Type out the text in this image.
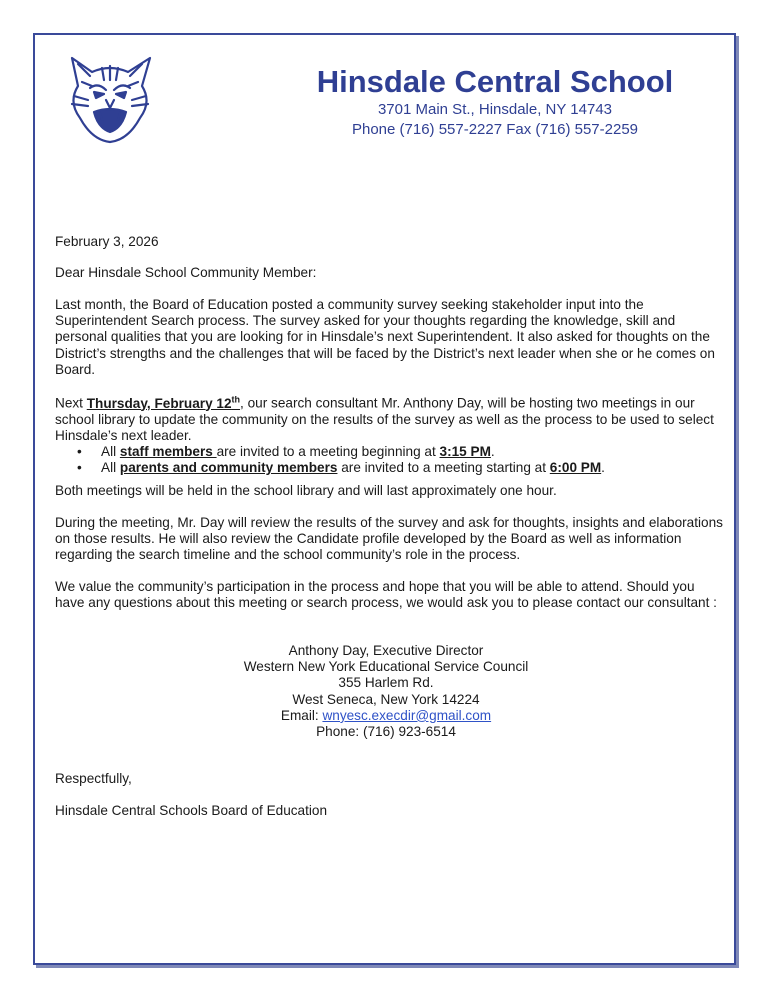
Hinsdale Central School
3701 Main St., Hinsdale, NY 14743
Phone (716) 557-2227 Fax (716) 557-2259
February 3, 2026
Dear Hinsdale School Community Member:

Last month, the Board of Education posted a community survey seeking stakeholder input into the Superintendent Search process. The survey asked for your thoughts regarding the knowledge, skill and personal qualities that you are looking for in Hinsdale’s next Superintendent. It also asked for thoughts on the District’s strengths and the challenges that will be faced by the District’s next leader when she or he comes on Board.

Next Thursday, February 12th, our search consultant Mr. Anthony Day, will be hosting two meetings in our school library to update the community on the results of the survey as well as the process to be used to select Hinsdale’s next leader.

• All staff members are invited to a meeting beginning at 3:15 PM.
• All parents and community members are invited to a meeting starting at 6:00 PM.
Both meetings will be held in the school library and will last approximately one hour.

During the meeting, Mr. Day will review the results of the survey and ask for thoughts, insights and elaborations on those results. He will also review the Candidate profile developed by the Board as well as information regarding the search timeline and the school community’s role in the process.

We value the community’s participation in the process and hope that you will be able to attend. Should you have any questions about this meeting or search process, we would ask you to please contact our consultant :

Anthony Day, Executive Director
Western New York Educational Service Council
355 Harlem Rd.
West Seneca, New York 14224
Email: wnyesc.execdir@gmail.com
Phone: (716) 923-6514
Respectfully,
Hinsdale Central Schools Board of Education
